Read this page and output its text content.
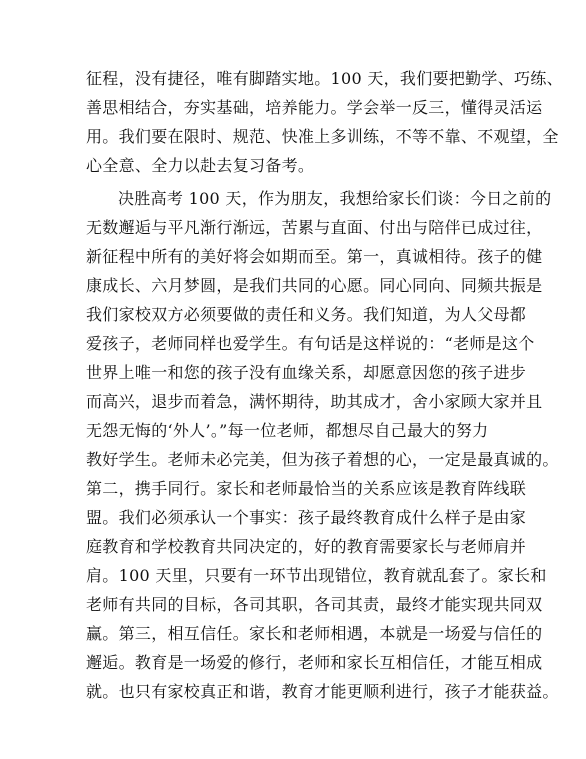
征程，没有捷径，唯有脚踏实地。100 天，我们要把勤学、巧练、
善思相结合，夯实基础，培养能力。学会举一反三，懂得灵活运
用。我们要在限时、规范、快准上多训练，不等不靠、不观望，全
心全意、全力以赴去复习备考。
决胜高考 100 天，作为朋友，我想给家长们谈：今日之前的
无数邂逅与平凡渐行渐远，苦累与直面、付出与陪伴已成过往，
新征程中所有的美好将会如期而至。第一，真诚相待。孩子的健
康成长、六月梦圆，是我们共同的心愿。同心同向、同频共振是
我们家校双方必须要做的责任和义务。我们知道，为人父母都
爱孩子，老师同样也爱学生。有句话是这样说的：“老师是这个
世界上唯一和您的孩子没有血缘关系，却愿意因您的孩子进步
而高兴，退步而着急，满怀期待，助其成才，舍小家顾大家并且
无怨无悔的‘外人’。”每一位老师，都想尽自己最大的努力
教好学生。老师未必完美，但为孩子着想的心，一定是最真诚的。
第二，携手同行。家长和老师最恰当的关系应该是教育阵线联
盟。我们必须承认一个事实：孩子最终教育成什么样子是由家
庭教育和学校教育共同决定的，好的教育需要家长与老师肩并
肩。100 天里，只要有一环节出现错位，教育就乱套了。家长和
老师有共同的目标，各司其职，各司其责，最终才能实现共同双
赢。第三，相互信任。家长和老师相遇，本就是一场爱与信任的
邂逅。教育是一场爱的修行，老师和家长互相信任，才能互相成
就。也只有家校真正和谐，教育才能更顺利进行，孩子才能获益。
